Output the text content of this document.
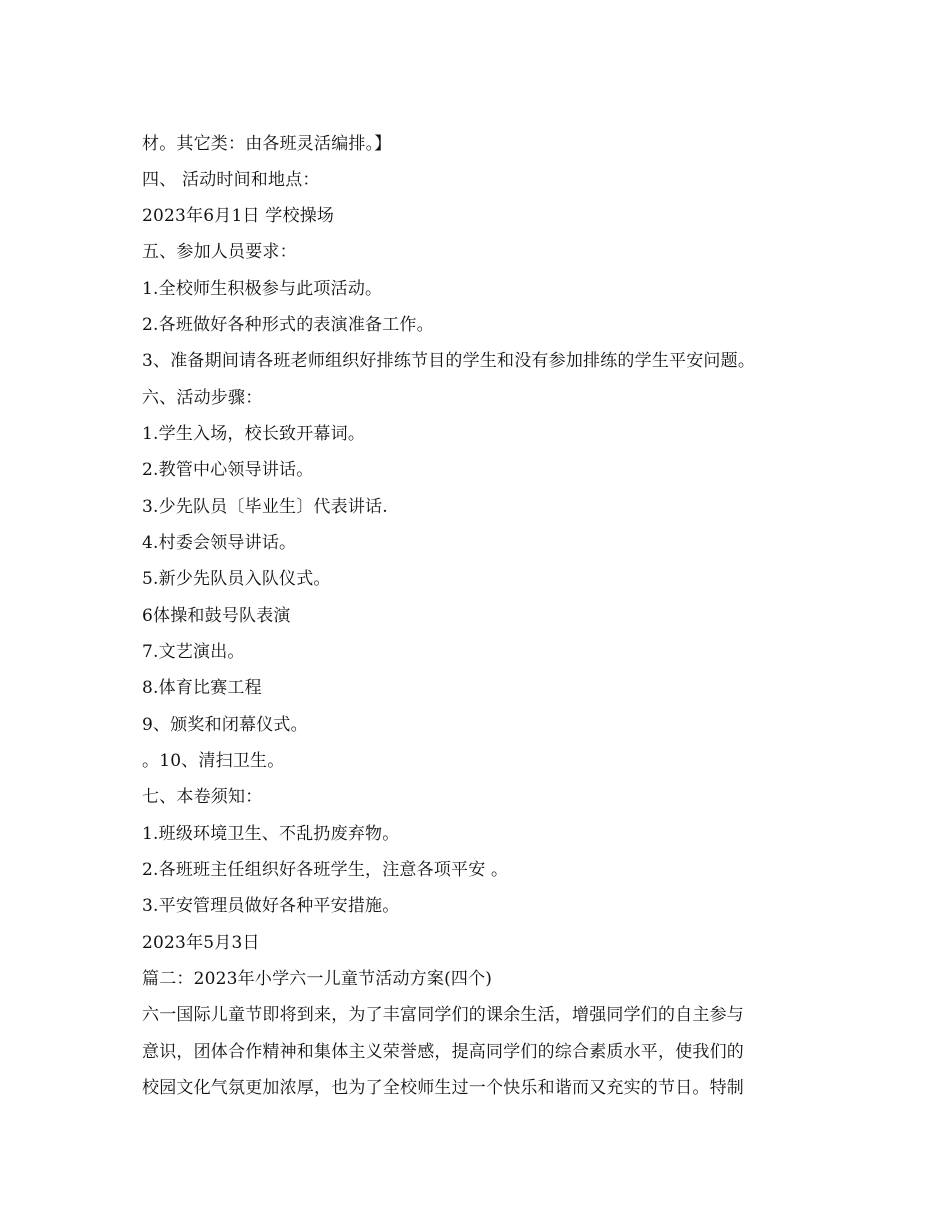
材。其它类：由各班灵活编排。】

四、 活动时间和地点：

2023年6月1日 学校操场

五、参加人员要求：

1.全校师生积极参与此项活动。

2.各班做好各种形式的表演准备工作。

3、准备期间请各班老师组织好排练节目的学生和没有参加排练的学生平安问题。

六、活动步骤：

1.学生入场，校长致开幕词。

2.教管中心领导讲话。

3.少先队员〔毕业生〕代表讲话.

4.村委会领导讲话。

5.新少先队员入队仪式。

6体操和鼓号队表演

7.文艺演出。

8.体育比赛工程

9、颁奖和闭幕仪式。

。10、清扫卫生。

七、本卷须知：

1.班级环境卫生、不乱扔废弃物。

2.各班班主任组织好各班学生，注意各项平安 。

3.平安管理员做好各种平安措施。

2023年5月3日

篇二：2023年小学六一儿童节活动方案(四个)

六一国际儿童节即将到来，为了丰富同学们的课余生活，增强同学们的自主参与

意识，团体合作精神和集体主义荣誉感，提高同学们的综合素质水平，使我们的

校园文化气氛更加浓厚，也为了全校师生过一个快乐和谐而又充实的节日。特制
